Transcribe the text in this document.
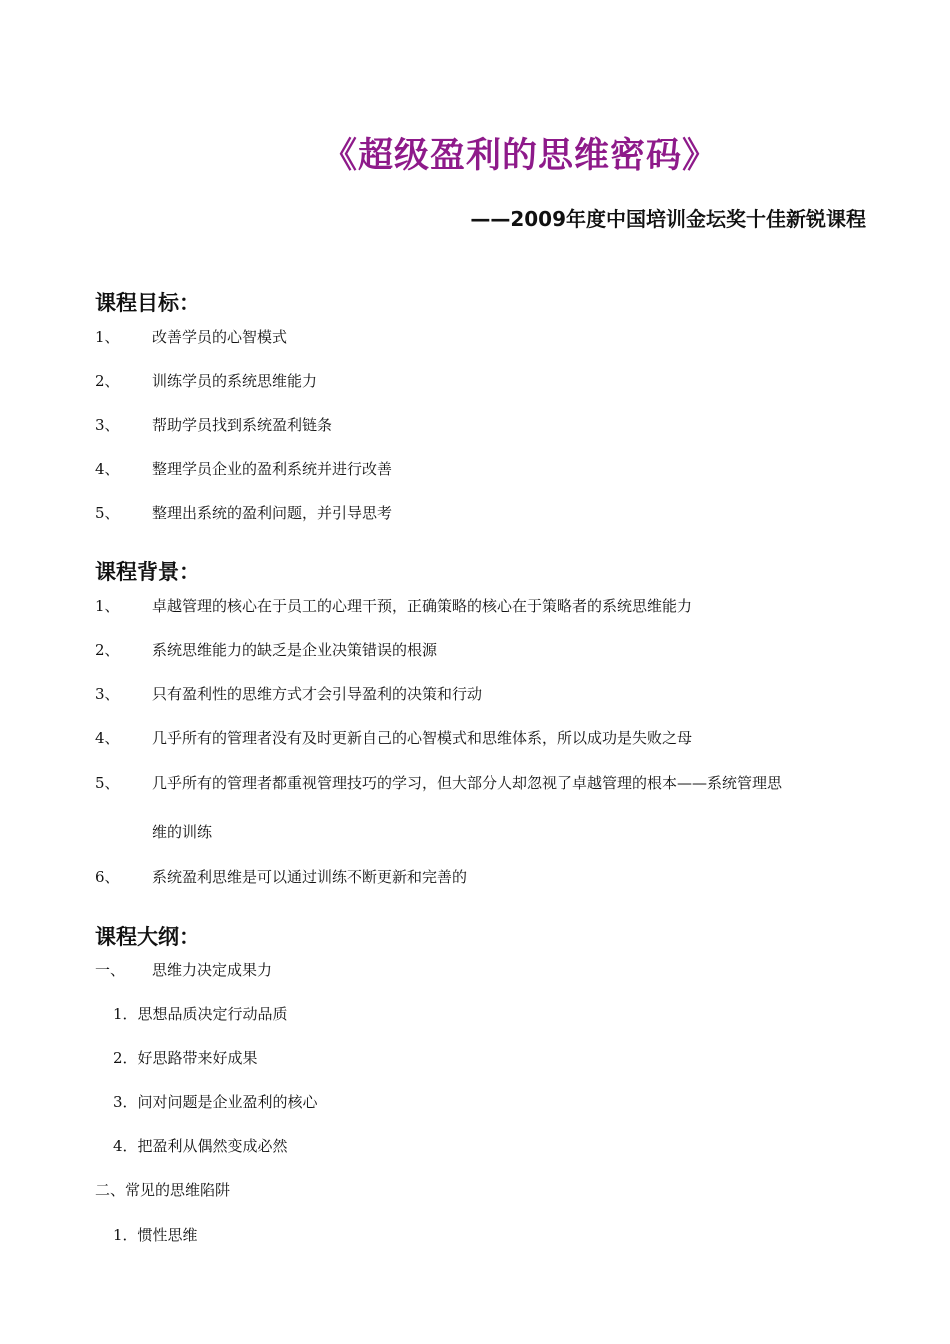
《超级盈利的思维密码》
——2009年度中国培训金坛奖十佳新锐课程
课程目标：
1、 改善学员的心智模式
2、 训练学员的系统思维能力
3、 帮助学员找到系统盈利链条
4、 整理学员企业的盈利系统并进行改善
5、 整理出系统的盈利问题，并引导思考
课程背景：
1、 卓越管理的核心在于员工的心理干预，正确策略的核心在于策略者的系统思维能力
2、 系统思维能力的缺乏是企业决策错误的根源
3、 只有盈利性的思维方式才会引导盈利的决策和行动
4、 几乎所有的管理者没有及时更新自己的心智模式和思维体系，所以成功是失败之母
5、 几乎所有的管理者都重视管理技巧的学习，但大部分人却忽视了卓越管理的根本——系统管理思
维的训练
6、 系统盈利思维是可以通过训练不断更新和完善的
课程大纲：
一、 思维力决定成果力
1．思想品质决定行动品质
2．好思路带来好成果
3．问对问题是企业盈利的核心
4．把盈利从偶然变成必然
二、常见的思维陷阱
1．惯性思维
